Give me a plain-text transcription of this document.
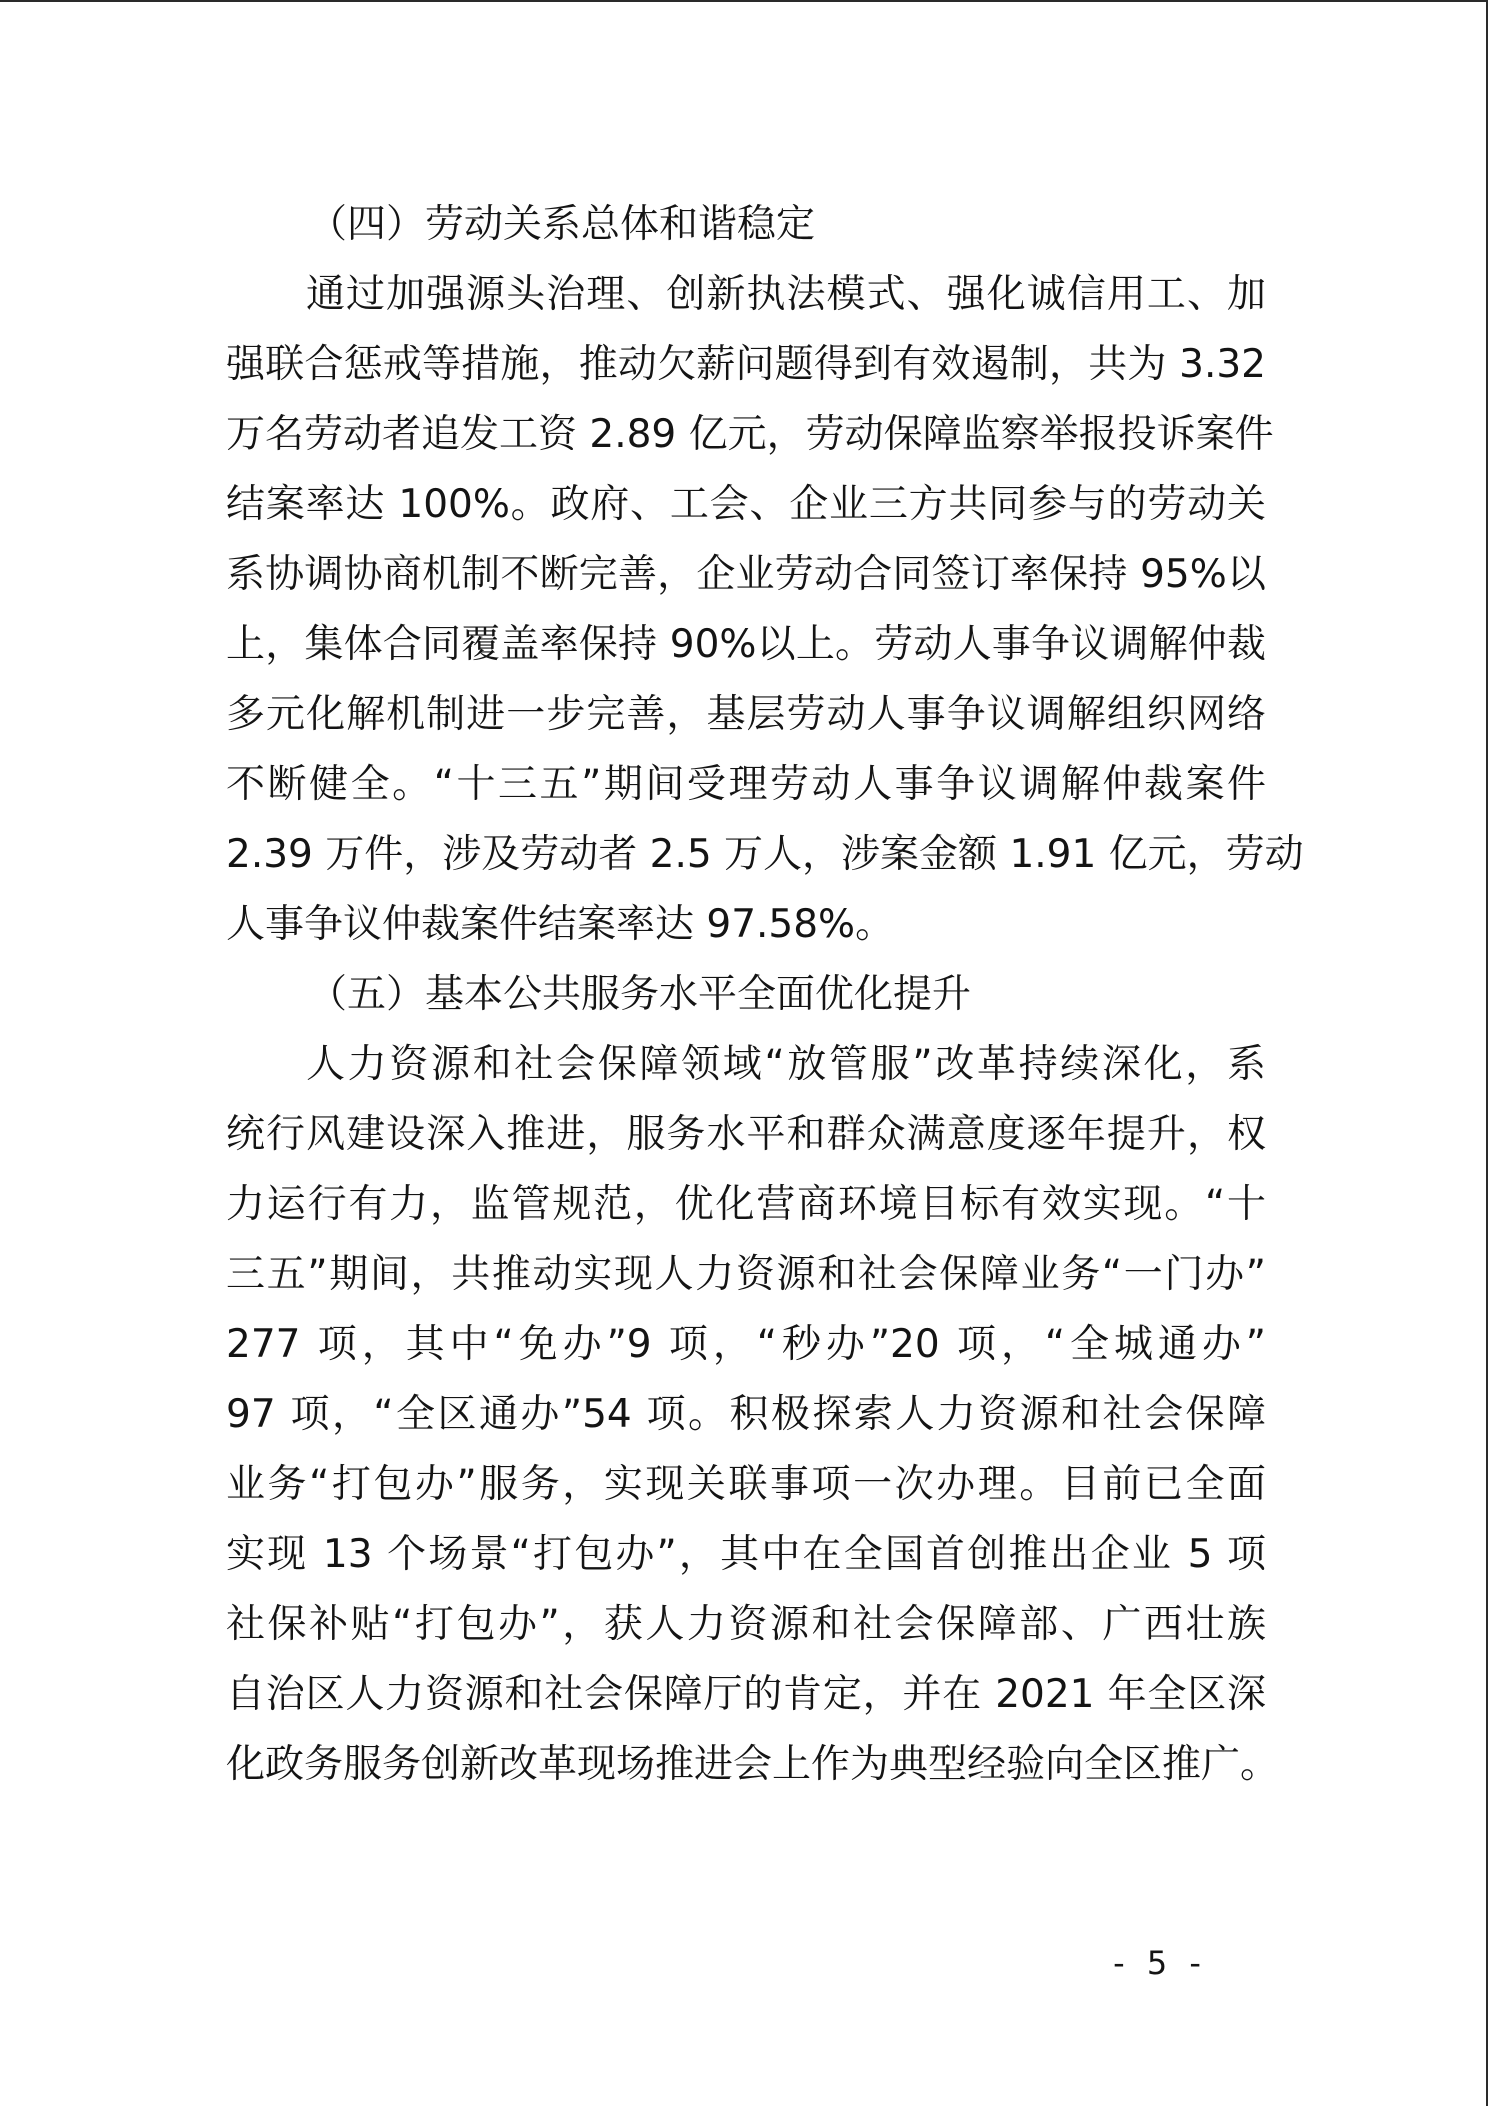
（四）劳动关系总体和谐稳定
通过加强源头治理、创新执法模式、强化诚信用工、加
强联合惩戒等措施，推动欠薪问题得到有效遏制，共为 3.32
万名劳动者追发工资 2.89 亿元，劳动保障监察举报投诉案件
结案率达 100%。政府、工会、企业三方共同参与的劳动关
系协调协商机制不断完善，企业劳动合同签订率保持 95%以
上，集体合同覆盖率保持 90%以上。劳动人事争议调解仲裁
多元化解机制进一步完善，基层劳动人事争议调解组织网络
不断健全。“十三五”期间受理劳动人事争议调解仲裁案件
2.39 万件，涉及劳动者 2.5 万人，涉案金额 1.91 亿元，劳动
人事争议仲裁案件结案率达 97.58%。
（五）基本公共服务水平全面优化提升
人力资源和社会保障领域“放管服”改革持续深化，系
统行风建设深入推进，服务水平和群众满意度逐年提升，权
力运行有力，监管规范，优化营商环境目标有效实现。“十
三五”期间，共推动实现人力资源和社会保障业务“一门办”
277 项，其中“免办”9 项，“秒办”20 项，“全城通办”
97 项，“全区通办”54 项。积极探索人力资源和社会保障
业务“打包办”服务，实现关联事项一次办理。目前已全面
实现 13 个场景“打包办”，其中在全国首创推出企业 5 项
社保补贴“打包办”，获人力资源和社会保障部、广西壮族
自治区人力资源和社会保障厅的肯定，并在 2021 年全区深
化政务服务创新改革现场推进会上作为典型经验向全区推广。
- 5 -
